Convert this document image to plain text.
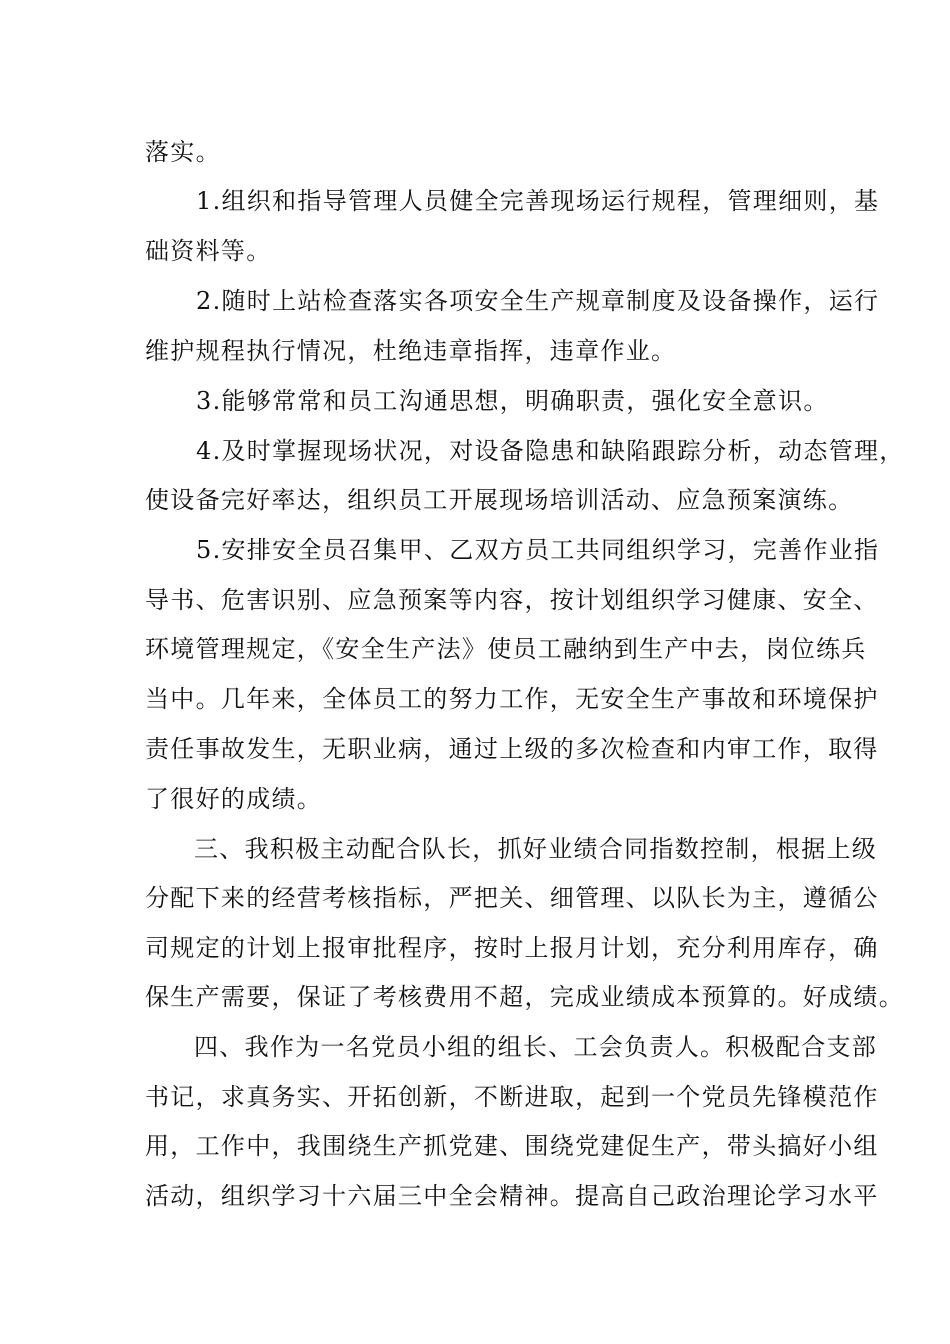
落实。
1.组织和指导管理人员健全完善现场运行规程，管理细则，基
础资料等。
2.随时上站检查落实各项安全生产规章制度及设备操作，运行
维护规程执行情况，杜绝违章指挥，违章作业。
3.能够常常和员工沟通思想，明确职责，强化安全意识。
4.及时掌握现场状况，对设备隐患和缺陷跟踪分析，动态管理，
使设备完好率达，组织员工开展现场培训活动、应急预案演练。
5.安排安全员召集甲、乙双方员工共同组织学习，完善作业指
导书、危害识别、应急预案等内容，按计划组织学习健康、安全、
环境管理规定，《安全生产法》使员工融纳到生产中去，岗位练兵
当中。几年来，全体员工的努力工作，无安全生产事故和环境保护
责任事故发生，无职业病，通过上级的多次检查和内审工作，取得
了很好的成绩。
三、我积极主动配合队长，抓好业绩合同指数控制，根据上级
分配下来的经营考核指标，严把关、细管理、以队长为主，遵循公
司规定的计划上报审批程序，按时上报月计划，充分利用库存，确
保生产需要，保证了考核费用不超，完成业绩成本预算的。好成绩。
四、我作为一名党员小组的组长、工会负责人。积极配合支部
书记，求真务实、开拓创新，不断进取，起到一个党员先锋模范作
用，工作中，我围绕生产抓党建、围绕党建促生产，带头搞好小组
活动，组织学习十六届三中全会精神。提高自己政治理论学习水平
